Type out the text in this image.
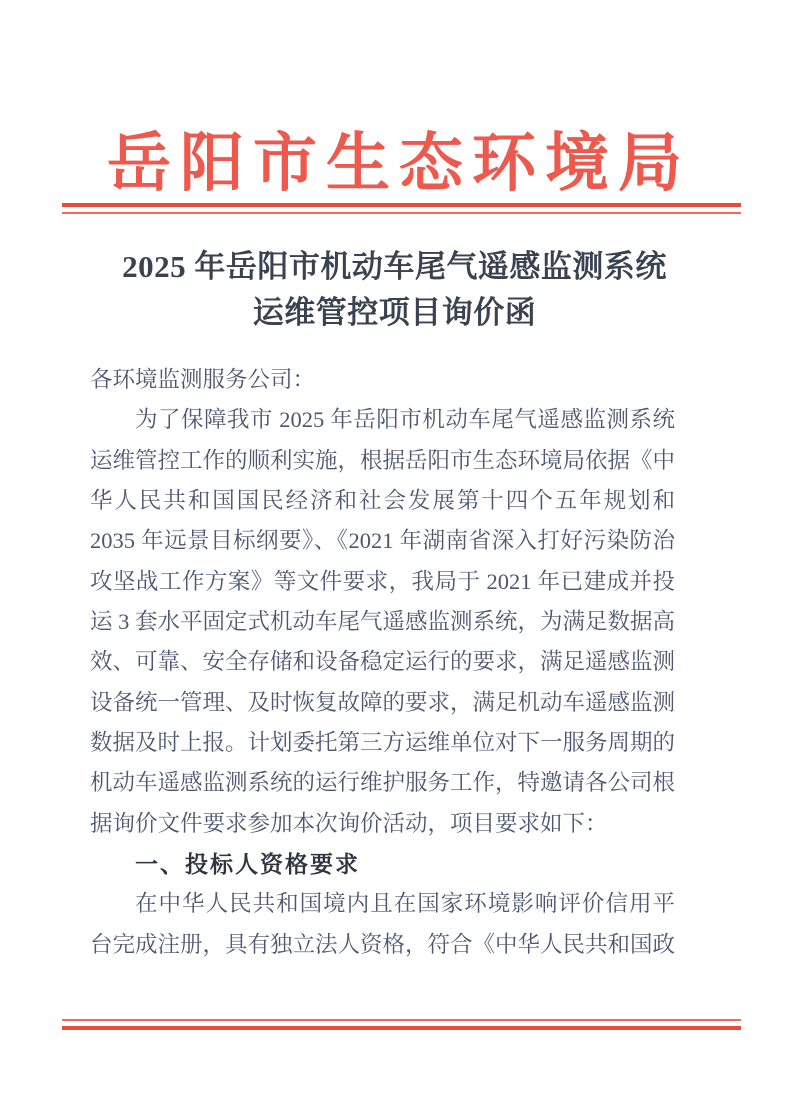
岳阳市生态环境局
2025 年岳阳市机动车尾气遥感监测系统
运维管控项目询价函
各环境监测服务公司：
为了保障我市 2025 年岳阳市机动车尾气遥感监测系统
运维管控工作的顺利实施，根据岳阳市生态环境局依据《中
华人民共和国国民经济和社会发展第十四个五年规划和
2035 年远景目标纲要》、《2021 年湖南省深入打好污染防治
攻坚战工作方案》等文件要求，我局于 2021 年已建成并投
运 3 套水平固定式机动车尾气遥感监测系统，为满足数据高
效、可靠、安全存储和设备稳定运行的要求，满足遥感监测
设备统一管理、及时恢复故障的要求，满足机动车遥感监测
数据及时上报。计划委托第三方运维单位对下一服务周期的
机动车遥感监测系统的运行维护服务工作，特邀请各公司根
据询价文件要求参加本次询价活动，项目要求如下：
一、投标人资格要求
在中华人民共和国境内且在国家环境影响评价信用平
台完成注册，具有独立法人资格，符合《中华人民共和国政
